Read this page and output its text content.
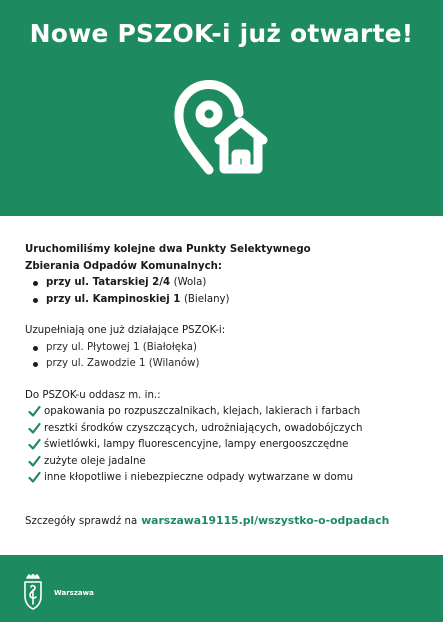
Nowe PSZOK-i już otwarte!
Uruchomiliśmy kolejne dwa Punkty Selektywnego
Zbierania Odpadów Komunalnych:
przy ul. Tatarskiej 2/4 (Wola)
przy ul. Kampinoskiej 1 (Bielany)
Uzupełniają one już działające PSZOK-i:
przy ul. Płytowej 1 (Białołęka)
przy ul. Zawodzie 1 (Wilanów)
Do PSZOK-u oddasz m. in.:
opakowania po rozpuszczalnikach, klejach, lakierach i farbach
resztki środków czyszczących, udrożniających, owadobójczych
świetlówki, lampy fluorescencyjne, lampy energooszczędne
zużyte oleje jadalne
inne kłopotliwe i niebezpieczne odpady wytwarzane w domu
Szczegóły sprawdź na warszawa19115.pl/wszystko-o-odpadach
Warszawa
